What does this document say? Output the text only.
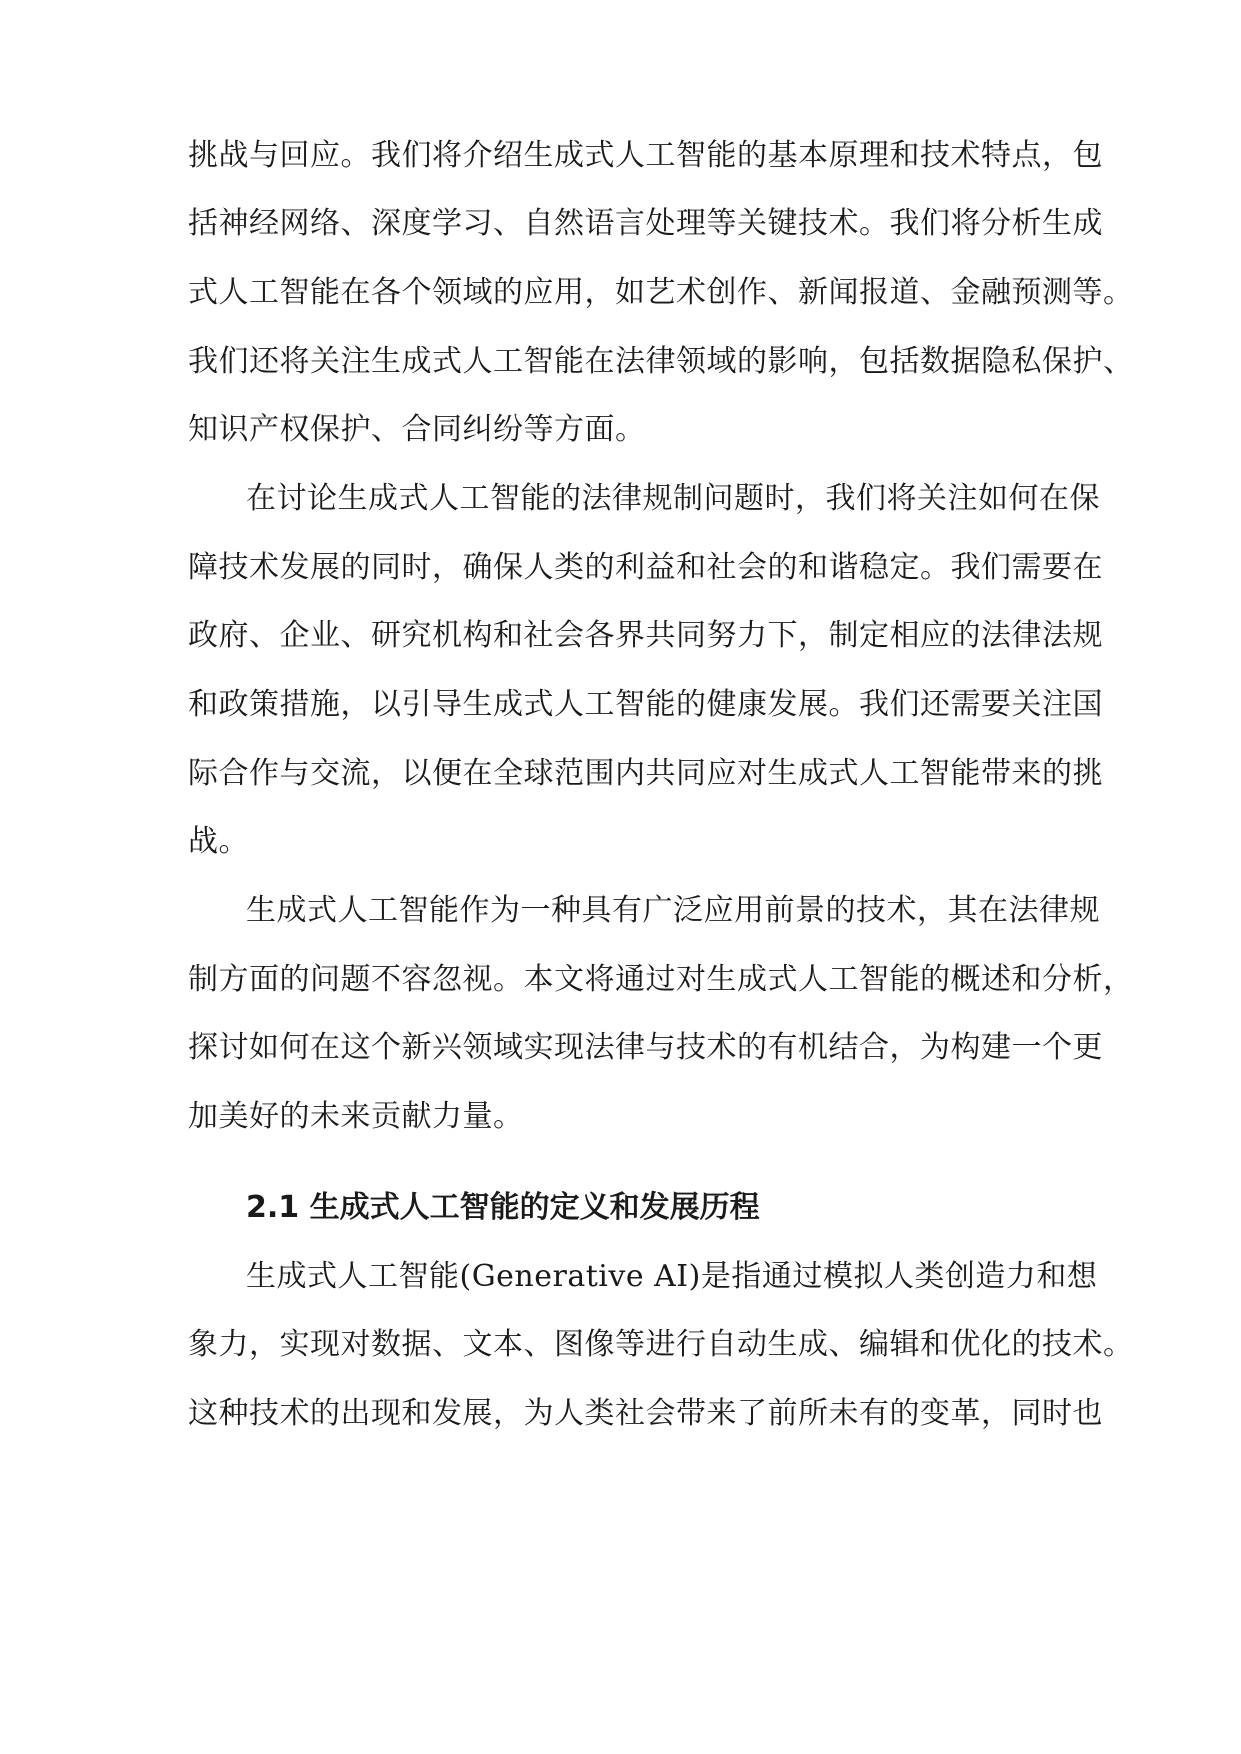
挑战与回应。我们将介绍生成式人工智能的基本原理和技术特点，包
括神经网络、深度学习、自然语言处理等关键技术。我们将分析生成
式人工智能在各个领域的应用，如艺术创作、新闻报道、金融预测等。
我们还将关注生成式人工智能在法律领域的影响，包括数据隐私保护、
知识产权保护、合同纠纷等方面。
在讨论生成式人工智能的法律规制问题时，我们将关注如何在保
障技术发展的同时，确保人类的利益和社会的和谐稳定。我们需要在
政府、企业、研究机构和社会各界共同努力下，制定相应的法律法规
和政策措施，以引导生成式人工智能的健康发展。我们还需要关注国
际合作与交流，以便在全球范围内共同应对生成式人工智能带来的挑
战。
生成式人工智能作为一种具有广泛应用前景的技术，其在法律规
制方面的问题不容忽视。本文将通过对生成式人工智能的概述和分析，
探讨如何在这个新兴领域实现法律与技术的有机结合，为构建一个更
加美好的未来贡献力量。
2.1 生成式人工智能的定义和发展历程
生成式人工智能(Generative AI)是指通过模拟人类创造力和想
象力，实现对数据、文本、图像等进行自动生成、编辑和优化的技术。
这种技术的出现和发展，为人类社会带来了前所未有的变革，同时也
